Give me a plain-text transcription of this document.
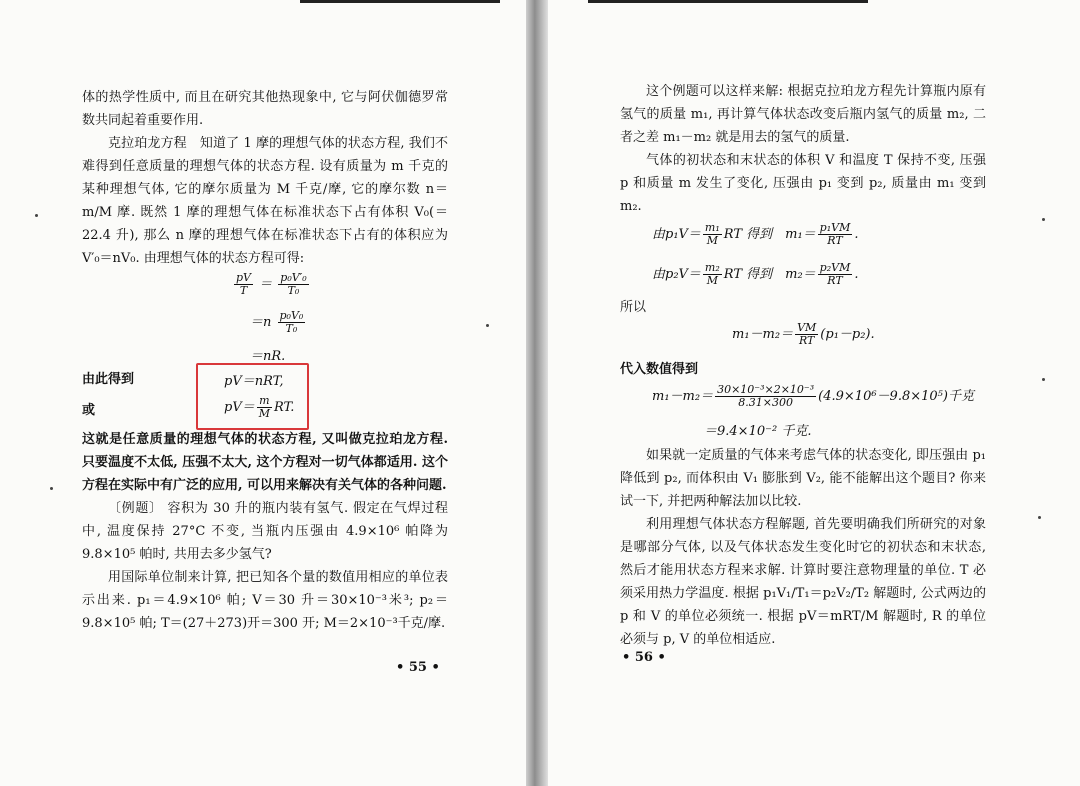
体的热学性质中, 而且在研究其他热现象中, 它与阿伏伽德罗常数共同起着重要作用.

克拉珀龙方程　知道了 1 摩的理想气体的状态方程, 我们不难得到任意质量的理想气体的状态方程. 设有质量为 m 千克的某种理想气体, 它的摩尔质量为 M 千克/摩, 它的摩尔数 n＝m/M 摩. 既然 1 摩的理想气体在标准状态下占有体积 V₀(＝22.4 升), 那么 n 摩的理想气体在标准状态下占有的体积应为 V′₀＝nV₀. 由理想气体的状态方程可得:

$\frac{pV}{T} = \frac{\text{p₀V′₀}}{\text{T₀}}$
$=n \frac{\text{p₀V₀}}{\text{T₀}}$
＝nR.
由此得到	pV＝nRT,
或	$pV= \frac{m}{M}$ RT.

这就是任意质量的理想气体的状态方程, 又叫做克拉珀龙方程. 只要温度不太低, 压强不太大, 这个方程对一切气体都适用. 这个方程在实际中有广泛的应用, 可以用来解决有关气体的各种问题.

〔例题〕 容积为 30 升的瓶内装有氢气. 假定在气焊过程中, 温度保持 27°C 不变, 当瓶内压强由 4.9×10⁶ 帕降为 9.8×10⁵ 帕时, 共用去多少氢气?

用国际单位制来计算, 把已知各个量的数值用相应的单位表示出来. p₁＝4.9×10⁶ 帕; V＝30 升＝30×10⁻³米³; p₂＝9.8×10⁵ 帕; T＝(27＋273)开＝300 开; M＝2×10⁻³千克/摩.

• 55 •

这个例题可以这样来解: 根据克拉珀龙方程先计算瓶内原有氢气的质量 m₁, 再计算气体状态改变后瓶内氢气的质量 m₂, 二者之差 m₁－m₂ 就是用去的氢气的质量.

气体的初状态和末状态的体积 V 和温度 T 保持不变, 压强 p 和质量 m 发生了变化, 压强由 p₁ 变到 p₂, 质量由 m₁ 变到 m₂.

由$p_1V= \frac{\text{m₁}}{M}$ RT 得到　$m_1= \frac{\text{p₁VM}}{RT}$ .
由$p_2V= \frac{\text{m₂}}{M}$ RT 得到　$m_2= \frac{\text{p₂VM}}{RT}$ .
所以
$m_1-m_2= \frac{VM}{RT} (p_1-p_2)$.
代入数值得到
$m_1-m_2= \frac{\text{30×10⁻³×2×10⁻³}}{8.31\times 300} (4.9\times 10^6-9.8\times 10^5)$千克
＝9.4×10⁻² 千克.

如果就一定质量的气体来考虑气体的状态变化, 即压强由 p₁ 降低到 p₂, 而体积由 V₁ 膨胀到 V₂, 能不能解出这个题目? 你来试一下, 并把两种解法加以比较.

利用理想气体状态方程解题, 首先要明确我们所研究的对象是哪部分气体, 以及气体状态发生变化时它的初状态和末状态, 然后才能用状态方程来求解. 计算时要注意物理量的单位. T 必须采用热力学温度. 根据 p₁V₁/T₁＝p₂V₂/T₂ 解题时, 公式两边的 p 和 V 的单位必须统一. 根据 pV＝mRT/M 解题时, R 的单位必须与 p, V 的单位相适应.

• 56 •
